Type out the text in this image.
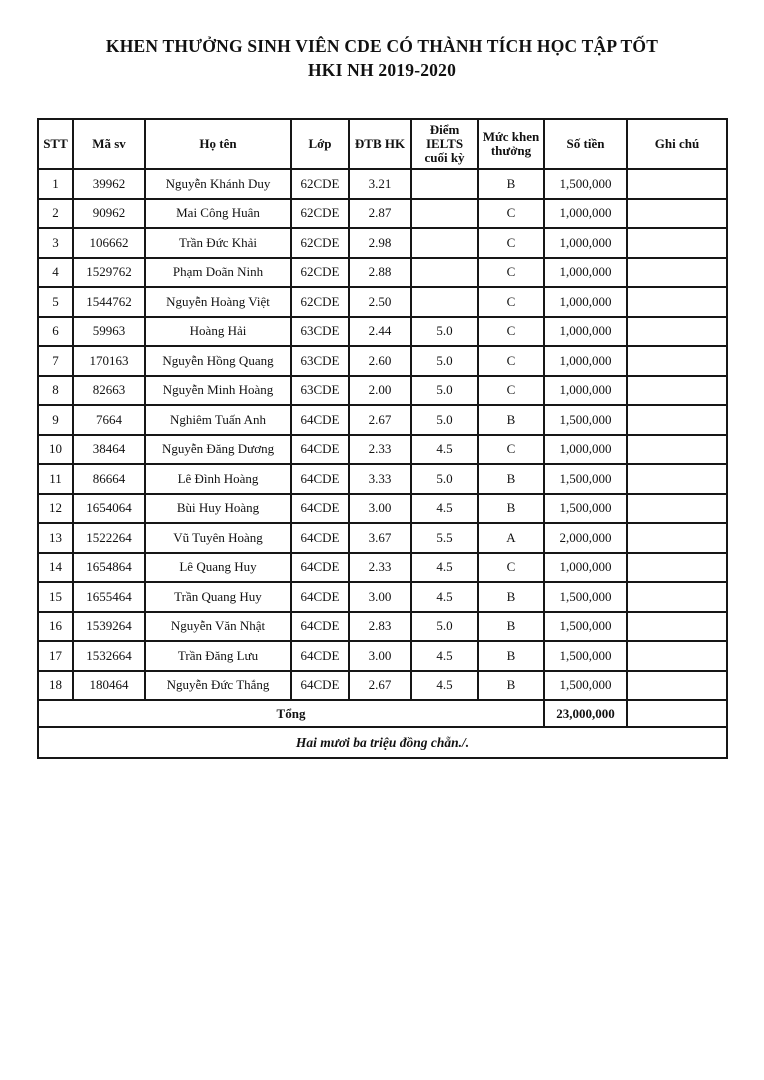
KHEN THƯỞNG SINH VIÊN CDE CÓ THÀNH TÍCH HỌC TẬP TỐT
HKI NH 2019-2020
STT	Mã sv	Họ tên	Lớp	ĐTB HK	Điểm IELTS cuối kỳ	Mức khen thưởng	Số tiền	Ghi chú
1	39962	Nguyễn Khánh Duy	62CDE	3.21		B	1,500,000	
2	90962	Mai Công Huân	62CDE	2.87		C	1,000,000	
3	106662	Trần Đức Khải	62CDE	2.98		C	1,000,000	
4	1529762	Phạm Doãn Ninh	62CDE	2.88		C	1,000,000	
5	1544762	Nguyễn Hoàng Việt	62CDE	2.50		C	1,000,000	
6	59963	Hoàng Hải	63CDE	2.44	5.0	C	1,000,000	
7	170163	Nguyễn Hồng Quang	63CDE	2.60	5.0	C	1,000,000	
8	82663	Nguyễn Minh Hoàng	63CDE	2.00	5.0	C	1,000,000	
9	7664	Nghiêm Tuấn Anh	64CDE	2.67	5.0	B	1,500,000	
10	38464	Nguyễn Đăng Dương	64CDE	2.33	4.5	C	1,000,000	
11	86664	Lê Đình Hoàng	64CDE	3.33	5.0	B	1,500,000	
12	1654064	Bùi Huy Hoàng	64CDE	3.00	4.5	B	1,500,000	
13	1522264	Vũ Tuyên Hoàng	64CDE	3.67	5.5	A	2,000,000	
14	1654864	Lê Quang Huy	64CDE	2.33	4.5	C	1,000,000	
15	1655464	Trần Quang Huy	64CDE	3.00	4.5	B	1,500,000	
16	1539264	Nguyễn Văn Nhật	64CDE	2.83	5.0	B	1,500,000	
17	1532664	Trần Đăng Lưu	64CDE	3.00	4.5	B	1,500,000	
18	180464	Nguyễn Đức Thắng	64CDE	2.67	4.5	B	1,500,000	
Tổng							23,000,000	
Hai mươi ba triệu đồng chẵn./.								
